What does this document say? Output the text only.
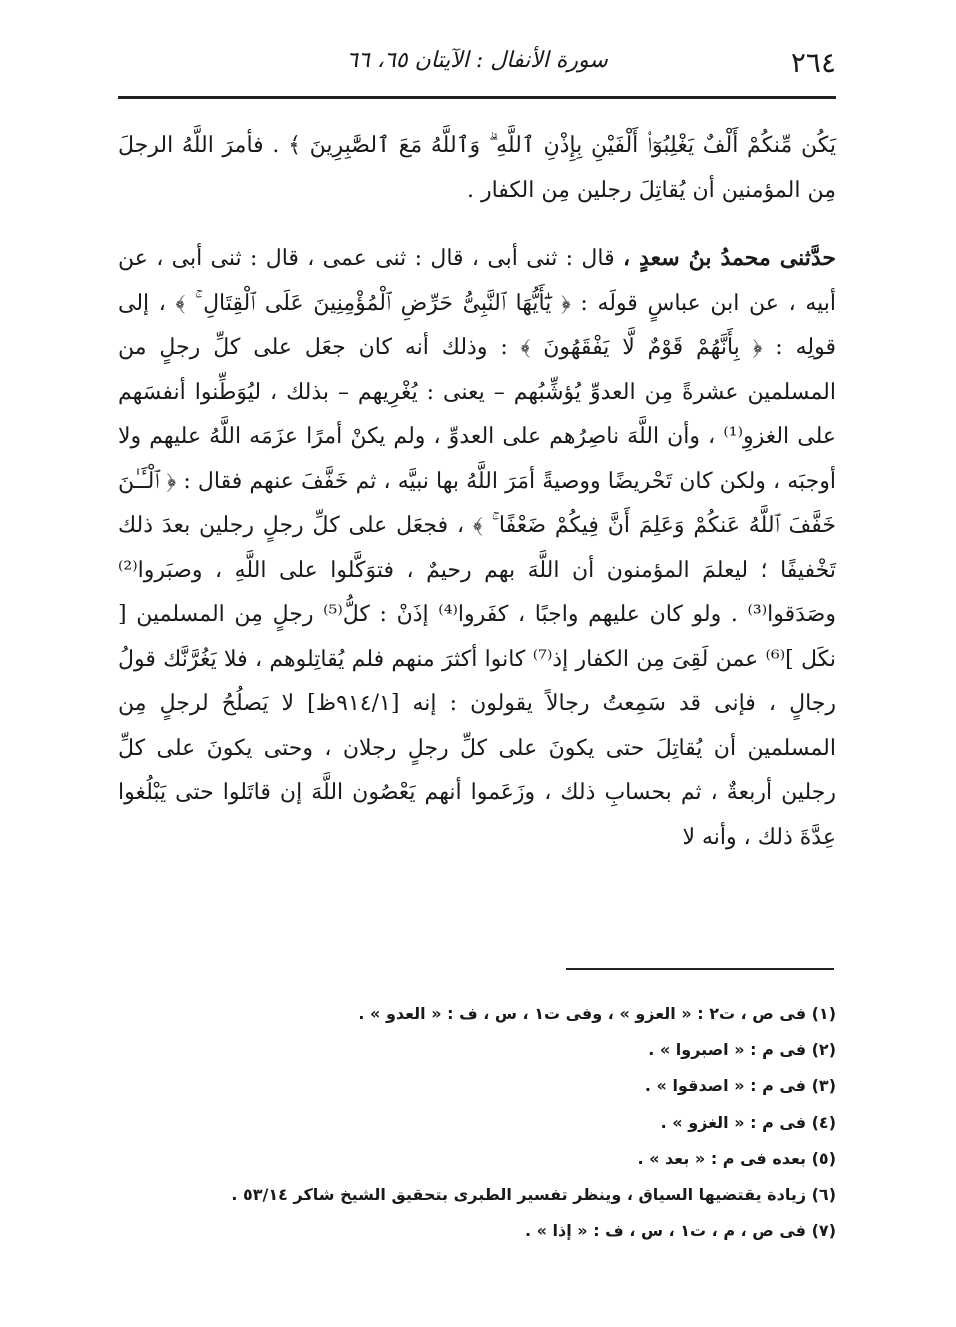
٢٦٤
سورة الأنفال : الآيتان ٦٥، ٦٦

يَكُن مِّنكُمْ أَلْفٌ يَغْلِبُوٓا۟ أَلْفَيْنِ بِإِذْنِ ٱللَّهِ ۗ وَٱللَّهُ مَعَ ٱلصَّٰبِرِينَ ﴾ . فأمرَ اللَّهُ الرجلَ مِن المؤمنين أن يُقاتِلَ رجلين مِن الكفار .

حدَّثنى محمدُ بنُ سعدٍ ، قال : ثنى أبى ، قال : ثنى عمى ، قال : ثنى أبى ، عن أبيه ، عن ابن عباسٍ قولَه : ﴿ يَٰٓأَيُّهَا ٱلنَّبِىُّ حَرِّضِ ٱلْمُؤْمِنِينَ عَلَى ٱلْقِتَالِ ۚ ﴾ ، إلى قولِه : ﴿ بِأَنَّهُمْ قَوْمٌ لَّا يَفْقَهُونَ ﴾ : وذلك أنه كان جعَل على كلِّ رجلٍ من المسلمين عشرةً مِن العدوِّ يُؤشِّبُهم – يعنى : يُغْرِيهم – بذلك ، ليُوَطِّنوا أنفسَهم على الغزوِ⁽¹⁾ ، وأن اللَّهَ ناصِرُهم على العدوِّ ، ولم يكنْ أمرًا عزَمَه اللَّهُ عليهم ولا أوجبَه ، ولكن كان تَحْريضًا ووصيةً أمَرَ اللَّهُ بها نبيَّه ، ثم خَفَّفَ عنهم فقال : ﴿ ٱلْـَٔـٰنَ خَفَّفَ ٱللَّهُ عَنكُمْ وَعَلِمَ أَنَّ فِيكُمْ ضَعْفًا ۚ ﴾ ، فجعَل على كلِّ رجلٍ رجلين بعدَ ذلك تَخْفيفًا ؛ ليعلمَ المؤمنون أن اللَّهَ بهم رحيمٌ ، فتوَكَّلوا على اللَّهِ ، وصبَروا⁽²⁾ وصَدَقوا⁽³⁾ . ولو كان عليهم واجبًا ، كفَروا⁽⁴⁾ إذَنْ : كلُّ⁽⁵⁾ رجلٍ مِن المسلمين [ نكَل ]⁽⁶⁾ عمن لَقِىَ مِن الكفار إذ⁽⁷⁾ كانوا أكثرَ منهم فلم يُقاتِلوهم ، فلا يَغُرَّنَّك قولُ رجالٍ ، فإنى قد سَمِعتُ رجالاً يقولون : إنه [٩١٤/١ظ] لا يَصلُحُ لرجلٍ مِن المسلمين أن يُقاتِلَ حتى يكونَ على كلِّ رجلٍ رجلان ، وحتى يكونَ على كلِّ رجلين أربعةٌ ، ثم بحسابِ ذلك ، وزَعَموا أنهم يَعْصُون اللَّهَ إن قاتَلوا حتى يَبْلُغوا عِدَّةَ ذلك ، وأنه لا

(١) فى ص ، ت٢ : « العزو » ، وفى ت١ ، س ، ف : « العدو » .
(٢) فى م : « اصبروا » .
(٣) فى م : « اصدقوا » .
(٤) فى م : « الغزو » .
(٥) بعده فى م : « بعد » .
(٦) زيادة يقتضيها السياق ، وينظر تفسير الطبرى بتحقيق الشيخ شاكر ٥٣/١٤ .
(٧) فى ص ، م ، ت١ ، س ، ف : « إذا » .
